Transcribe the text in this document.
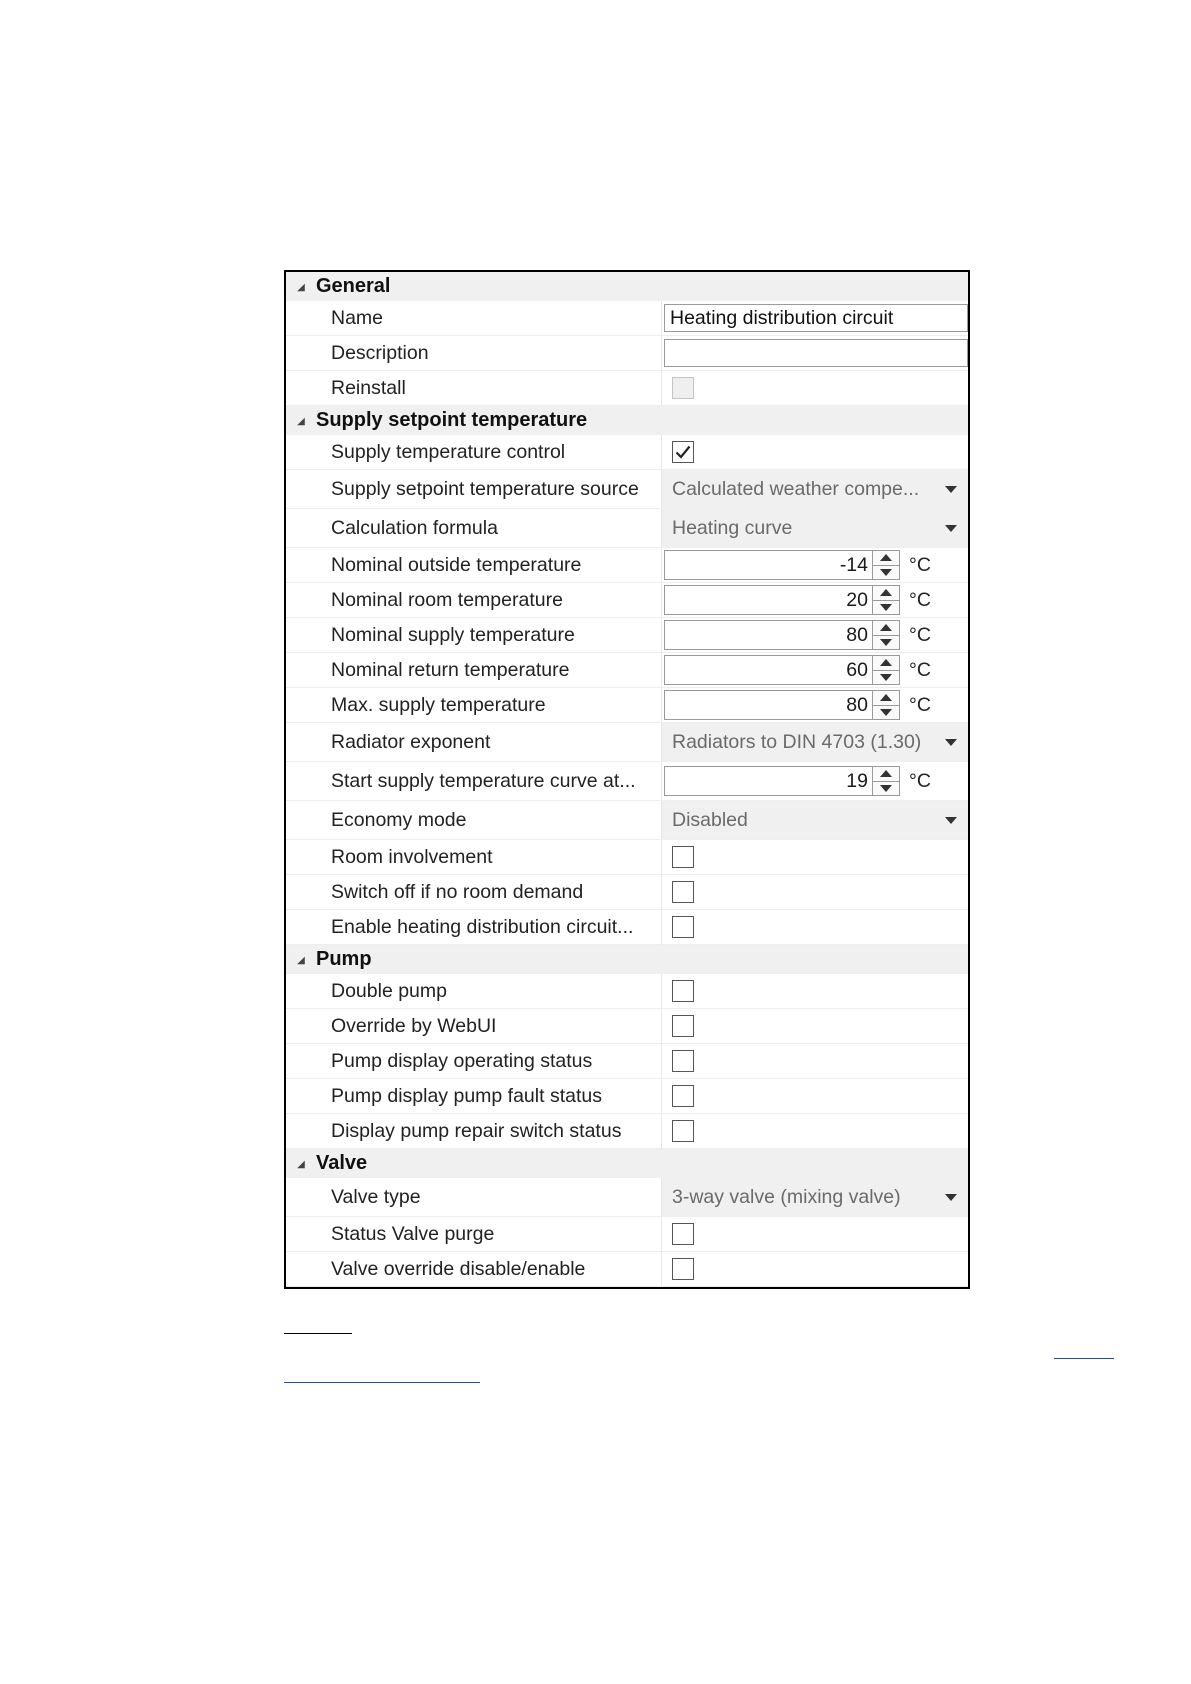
◢ General
Name	Heating distribution circuit
Description
Reinstall
◢ Supply setpoint temperature
Supply temperature control
Supply setpoint temperature source	Calculated weather compe...
Calculation formula	Heating curve
Nominal outside temperature	-14	°C
Nominal room temperature	20	°C
Nominal supply temperature	80	°C
Nominal return temperature	60	°C
Max. supply temperature	80	°C
Radiator exponent	Radiators to DIN 4703 (1.30)
Start supply temperature curve at...	19	°C
Economy mode	Disabled
Room involvement
Switch off if no room demand
Enable heating distribution circuit...
◢ Pump
Double pump
Override by WebUI
Pump display operating status
Pump display pump fault status
Display pump repair switch status
◢ Valve
Valve type	3-way valve (mixing valve)
Status Valve purge
Valve override disable/enable
